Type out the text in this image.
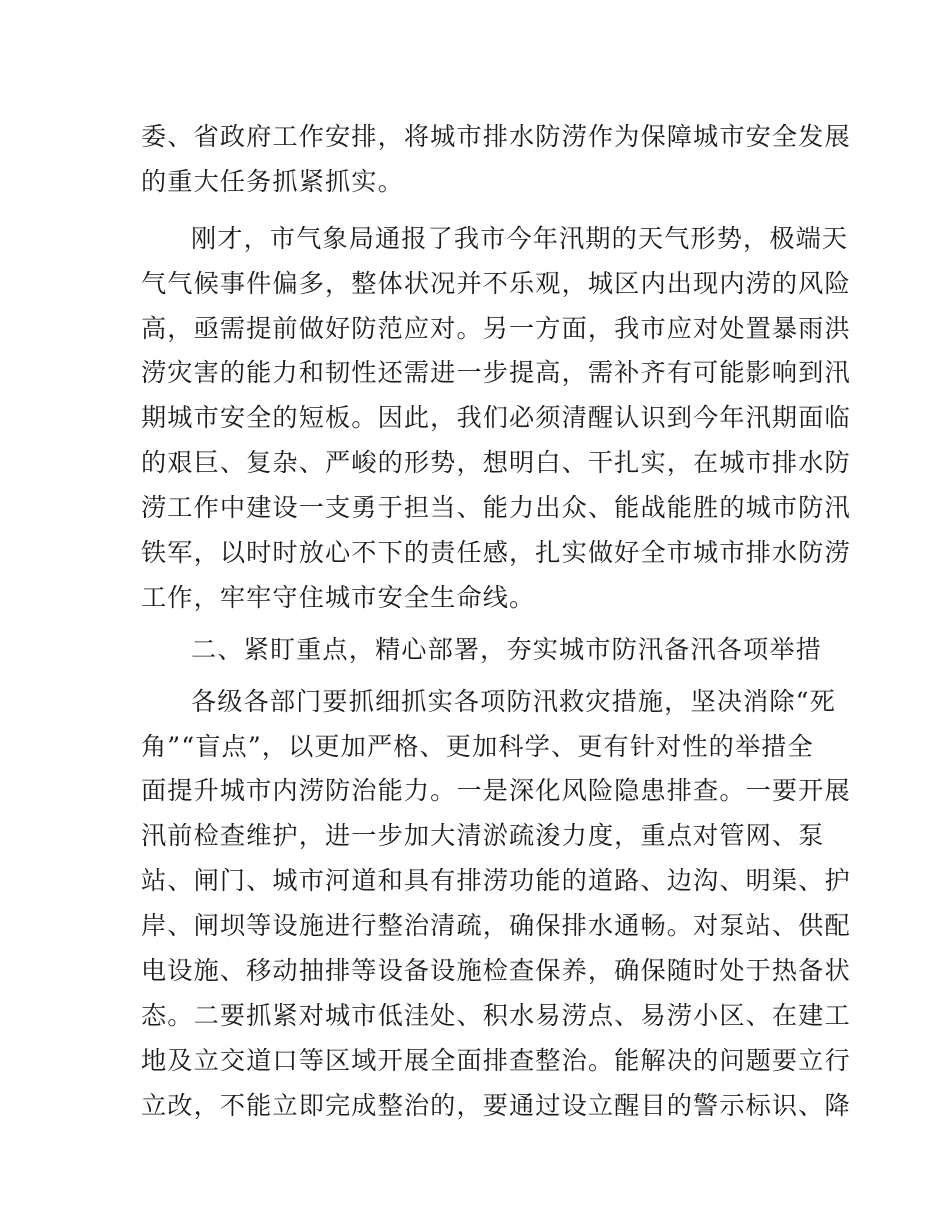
委、省政府工作安排，将城市排水防涝作为保障城市安全发展
的重大任务抓紧抓实。
刚才，市气象局通报了我市今年汛期的天气形势，极端天
气气候事件偏多，整体状况并不乐观，城区内出现内涝的风险
高，亟需提前做好防范应对。另一方面，我市应对处置暴雨洪
涝灾害的能力和韧性还需进一步提高，需补齐有可能影响到汛
期城市安全的短板。因此，我们必须清醒认识到今年汛期面临
的艰巨、复杂、严峻的形势，想明白、干扎实，在城市排水防
涝工作中建设一支勇于担当、能力出众、能战能胜的城市防汛
铁军，以时时放心不下的责任感，扎实做好全市城市排水防涝
工作，牢牢守住城市安全生命线。
二、紧盯重点，精心部署，夯实城市防汛备汛各项举措
各级各部门要抓细抓实各项防汛救灾措施，坚决消除“死
角”“盲点”，以更加严格、更加科学、更有针对性的举措全
面提升城市内涝防治能力。一是深化风险隐患排查。一要开展
汛前检查维护，进一步加大清淤疏浚力度，重点对管网、泵
站、闸门、城市河道和具有排涝功能的道路、边沟、明渠、护
岸、闸坝等设施进行整治清疏，确保排水通畅。对泵站、供配
电设施、移动抽排等设备设施检查保养，确保随时处于热备状
态。二要抓紧对城市低洼处、积水易涝点、易涝小区、在建工
地及立交道口等区域开展全面排查整治。能解决的问题要立行
立改，不能立即完成整治的，要通过设立醒目的警示标识、降
